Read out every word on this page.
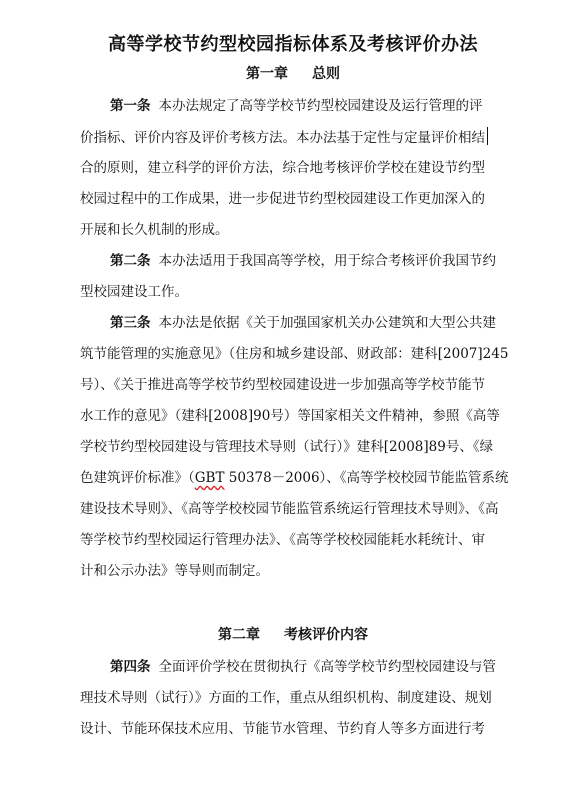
高等学校节约型校园指标体系及考核评价办法
第一章 总则
第一条 本办法规定了高等学校节约型校园建设及运行管理的评
价指标、评价内容及评价考核方法。本办法基于定性与定量评价相结
合的原则，建立科学的评价方法，综合地考核评价学校在建设节约型
校园过程中的工作成果，进一步促进节约型校园建设工作更加深入的
开展和长久机制的形成。
第二条 本办法适用于我国高等学校，用于综合考核评价我国节约
型校园建设工作。
第三条 本办法是依据《关于加强国家机关办公建筑和大型公共建
筑节能管理的实施意见》（住房和城乡建设部、财政部：建科[2007]245
号）、《关于推进高等学校节约型校园建设进一步加强高等学校节能节
水工作的意见》（建科[2008]90号）等国家相关文件精神，参照《高等
学校节约型校园建设与管理技术导则（试行）》建科[2008]89号、《绿
色建筑评价标准》（GBT 50378－2006）、《高等学校校园节能监管系统
建设技术导则》、《高等学校校园节能监管系统运行管理技术导则》、《高
等学校节约型校园运行管理办法》、《高等学校校园能耗水耗统计、审
计和公示办法》等导则而制定。
第二章 考核评价内容
第四条 全面评价学校在贯彻执行《高等学校节约型校园建设与管
理技术导则（试行）》方面的工作，重点从组织机构、制度建设、规划
设计、节能环保技术应用、节能节水管理、节约育人等多方面进行考
